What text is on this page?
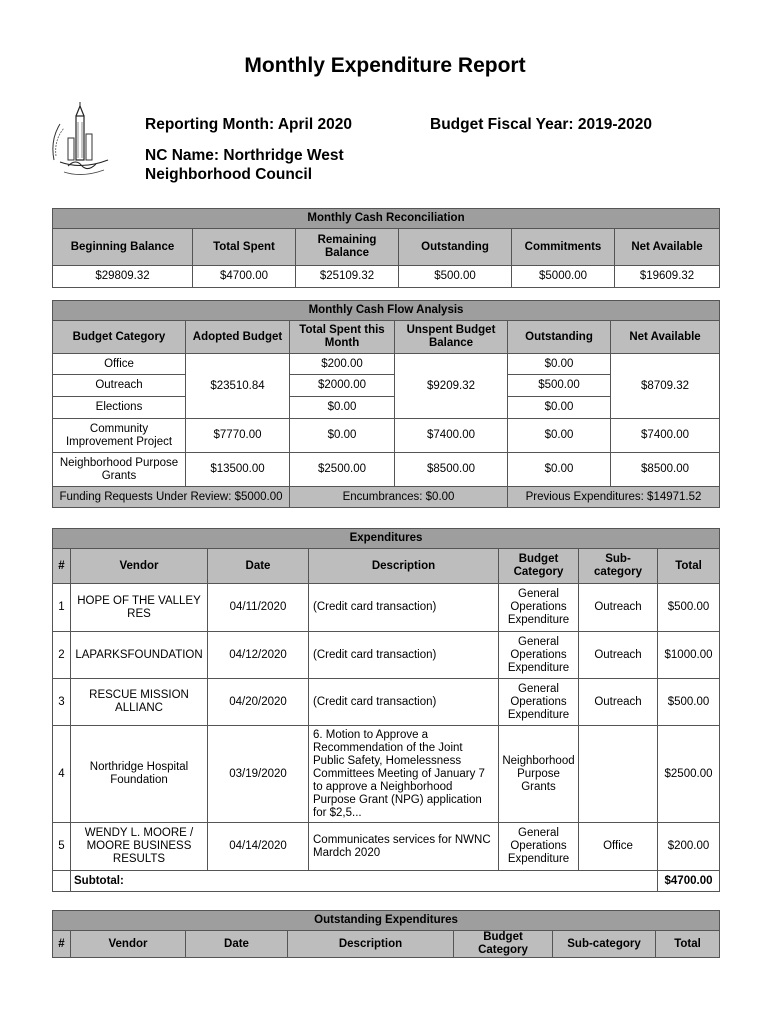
Monthly Expenditure Report
Reporting Month: April 2020	Budget Fiscal Year: 2019-2020
NC Name: Northridge West
Neighborhood Council
Monthly Cash Reconciliation					
Beginning Balance	Total Spent	Remaining Balance	Outstanding	Commitments	Net Available
$29809.32	$4700.00	$25109.32	$500.00	$5000.00	$19609.32
Monthly Cash Flow Analysis					
Budget Category	Adopted Budget	Total Spent this Month	Unspent Budget Balance	Outstanding	Net Available
Office	$23510.84	$200.00	$9209.32	$0.00	$8709.32
Outreach		$2000.00		$500.00	
Elections		$0.00		$0.00	
Community Improvement Project	$7770.00	$0.00	$7400.00	$0.00	$7400.00
Neighborhood Purpose Grants	$13500.00	$2500.00	$8500.00	$0.00	$8500.00
Funding Requests Under Review: $5000.00		Encumbrances: $0.00		Previous Expenditures: $14971.52	
Expenditures						
#	Vendor	Date	Description	Budget Category	Sub-category	Total
1	HOPE OF THE VALLEY RES	04/11/2020	(Credit card transaction)	General Operations Expenditure	Outreach	$500.00
2	LAPARKSFOUNDATION	04/12/2020	(Credit card transaction)	General Operations Expenditure	Outreach	$1000.00
3	RESCUE MISSION ALLIANC	04/20/2020	(Credit card transaction)	General Operations Expenditure	Outreach	$500.00
4	Northridge Hospital Foundation	03/19/2020	6. Motion to Approve a Recommendation of the Joint Public Safety, Homelessness Committees Meeting of January 7 to approve a Neighborhood Purpose Grant (NPG) application for $2,5...	Neighborhood Purpose Grants		$2500.00
5	WENDY L. MOORE / MOORE BUSINESS RESULTS	04/14/2020	Communicates services for NWNC Mardch 2020	General Operations Expenditure	Office	$200.00
	Subtotal:					$4700.00
Outstanding Expenditures
#	Vendor	Date	Description	Budget Category	Sub-category	Total
